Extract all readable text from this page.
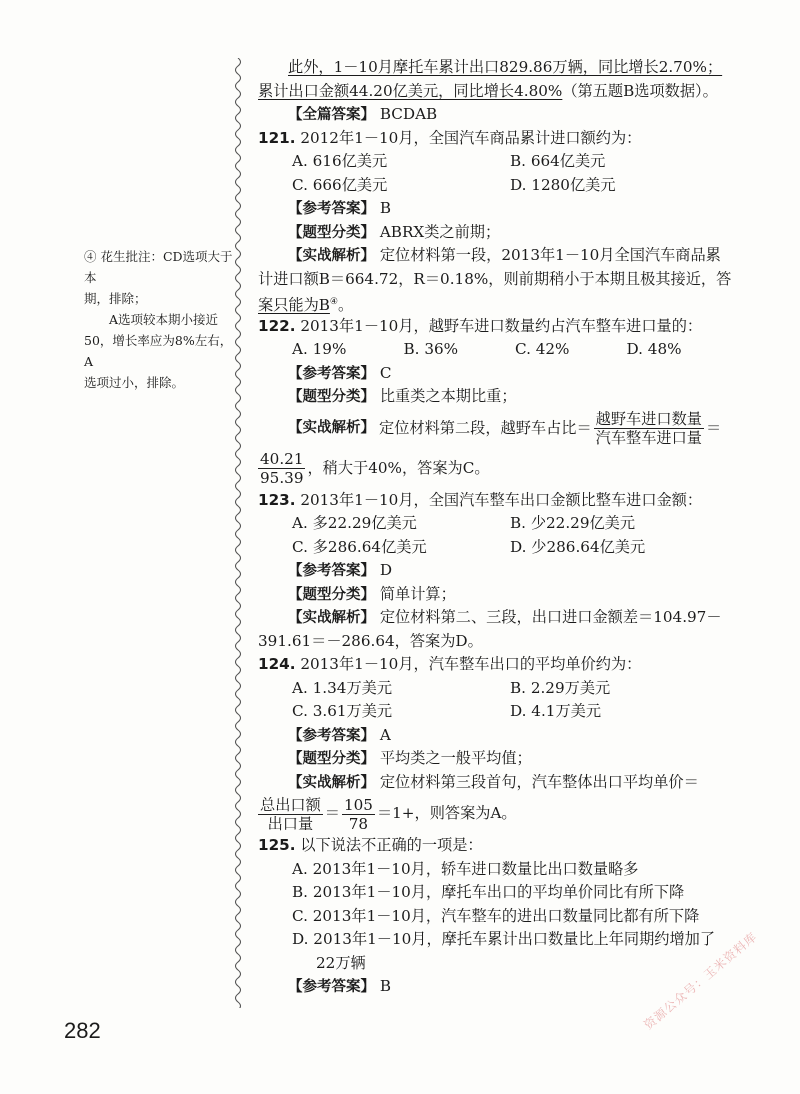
④ 花生批注：CD选项大于本

期，排除；

A选项较本期小接近

50，增长率应为8%左右，A

选项过小，排除。

此外，1－10月摩托车累计出口829.86万辆，同比增长2.70%；
累计出口金额44.20亿美元，同比增长4.80%（第五题B选项数据）。
【全篇答案】 BCDAB
121. 2012年1－10月，全国汽车商品累计进口额约为：
A. 616亿美元	B. 664亿美元
C. 666亿美元	D. 1280亿美元
【参考答案】 B
【题型分类】 ABRX类之前期；
【实战解析】 定位材料第一段，2013年1－10月全国汽车商品累
计进口额B＝664.72，R＝0.18%，则前期稍小于本期且极其接近，答
案只能为B④。
122. 2013年1－10月，越野车进口数量约占汽车整车进口量的：
A. 19%	B. 36%	C. 42%	D. 48%
【参考答案】 C
【题型分类】 比重类之本期比重；
【实战解析】 定位材料第二段，越野车占比＝ $\frac{\text{越野车进口数量}}{\text{汽车整车进口量}}$ ＝
$\frac{40.21}{95.39}$ ，稍大于40%，答案为C。
123. 2013年1－10月，全国汽车整车出口金额比整车进口金额：
A. 多22.29亿美元	B. 少22.29亿美元
C. 多286.64亿美元	D. 少286.64亿美元
【参考答案】 D
【题型分类】 简单计算；
【实战解析】 定位材料第二、三段，出口进口金额差＝104.97－
391.61＝－286.64，答案为D。
124. 2013年1－10月，汽车整车出口的平均单价约为：
A. 1.34万美元	B. 2.29万美元
C. 3.61万美元	D. 4.1万美元
【参考答案】 A
【题型分类】 平均类之一般平均值；
【实战解析】 定位材料第三段首句，汽车整体出口平均单价＝
$\frac{\text{总出口额}}{\text{出口量}} = \frac{105}{78} =1+$，则答案为A。
125. 以下说法不正确的一项是：
A. 2013年1－10月，轿车进口数量比出口数量略多
B. 2013年1－10月，摩托车出口的平均单价同比有所下降
C. 2013年1－10月，汽车整车的进出口数量同比都有所下降
D. 2013年1－10月，摩托车累计出口数量比上年同期约增加了
22万辆
【参考答案】 B
282	资源公众号：玉米资料库
